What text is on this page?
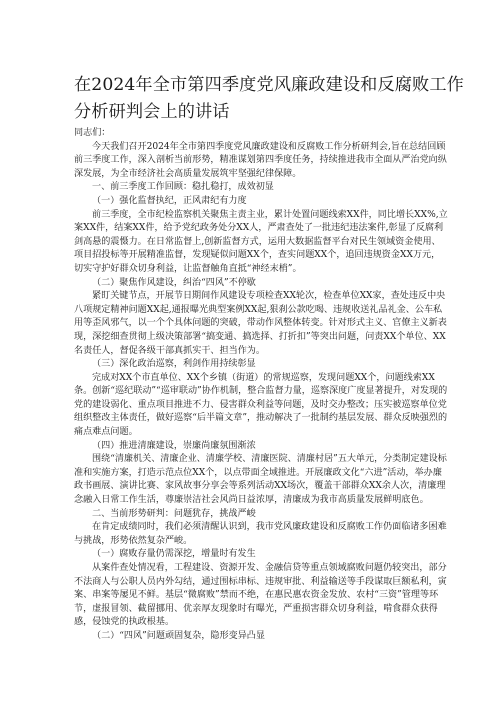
在2024年全市第四季度党风廉政建设和反腐败工作分析研判会上的讲话

同志们：

今天我们召开2024年全市第四季度党风廉政建设和反腐败工作分析研判会,旨在总结回顾前三季度工作，深入剖析当前形势，精准谋划第四季度任务，持续推进我市全面从严治党向纵深发展，为全市经济社会高质量发展筑牢坚强纪律保障。

一、前三季度工作回顾：稳扎稳打，成效初显

（一）强化监督执纪，正风肃纪有力度

前三季度，全市纪检监察机关聚焦主责主业，累计处置问题线索XX件，同比增长XX%,立案XX件，结案XX件，给予党纪政务处分XX人，严肃查处了一批违纪违法案件,彰显了反腐利剑高悬的震慑力。在日常监督上,创新监督方式，运用大数据监督平台对民生领域资金使用、项目招投标等开展精准监督，发现疑似问题XX个，查实问题XX个，追回违规资金XX万元，切实守护好群众切身利益，让监督触角直抵“神经末梢”。

（二）聚焦作风建设，纠治“四风”不停歇

紧盯关键节点，开展节日期间作风建设专项检查XX轮次，检查单位XX家，查处违反中央八项规定精神问题XX起,通报曝光典型案例XX起,狠刹公款吃喝、违规收送礼品礼金、公车私用等歪风邪气，以一个个具体问题的突破，带动作风整体转变。针对形式主义、官僚主义新表现，深挖细查贯彻上级决策部署“搞变通、搞选择、打折扣”等突出问题，问责XX个单位、XX名责任人，督促各级干部真抓实干、担当作为。

（三）深化政治巡察，利剑作用持续彰显

完成对XX个市直单位、XX个乡镇（街道）的常规巡察，发现问题XX个，问题线索XX条。创新“巡纪联动”“巡审联动”协作机制，整合监督力量，巡察深度广度显著提升，对发现的党的建设弱化、重点项目推进不力、侵害群众利益等问题，及时交办整改；压实被巡察单位党组织整改主体责任，做好巡察“后半篇文章”，推动解决了一批制约基层发展、群众反映强烈的痛点难点问题。

（四）推进清廉建设，崇廉尚廉氛围渐浓

围绕“清廉机关、清廉企业、清廉学校、清廉医院、清廉村居”五大单元，分类制定建设标准和实施方案，打造示范点位XX个，以点带面全域推进。开展廉政文化“六进”活动，举办廉政书画展、演讲比赛、家风故事分享会等系列活动XX场次，覆盖干部群众XX余人次，清廉理念融入日常工作生活，尊廉崇洁社会风尚日益浓厚，清廉成为我市高质量发展鲜明底色。

二、当前形势研判：问题犹存，挑战严峻

在肯定成绩同时，我们必须清醒认识到，我市党风廉政建设和反腐败工作仍面临诸多困难与挑战，形势依然复杂严峻。

（一）腐败存量仍需深挖，增量时有发生

从案件查处情况看，工程建设、资源开发、金融信贷等重点领域腐败问题仍较突出，部分不法商人与公职人员内外勾结，通过围标串标、违规审批、利益输送等手段谋取巨额私利，寅案、串案等屡见不鲜。基层“微腐败”禁而不绝，在惠民惠农资金发放、农村“三资”管理等环节，虚报冒领、截留挪用、优亲厚友现象时有曝光，严重损害群众切身利益，啃食群众获得感，侵蚀党的执政根基。

（二）“四风”问题顽固复杂，隐形变异凸显
